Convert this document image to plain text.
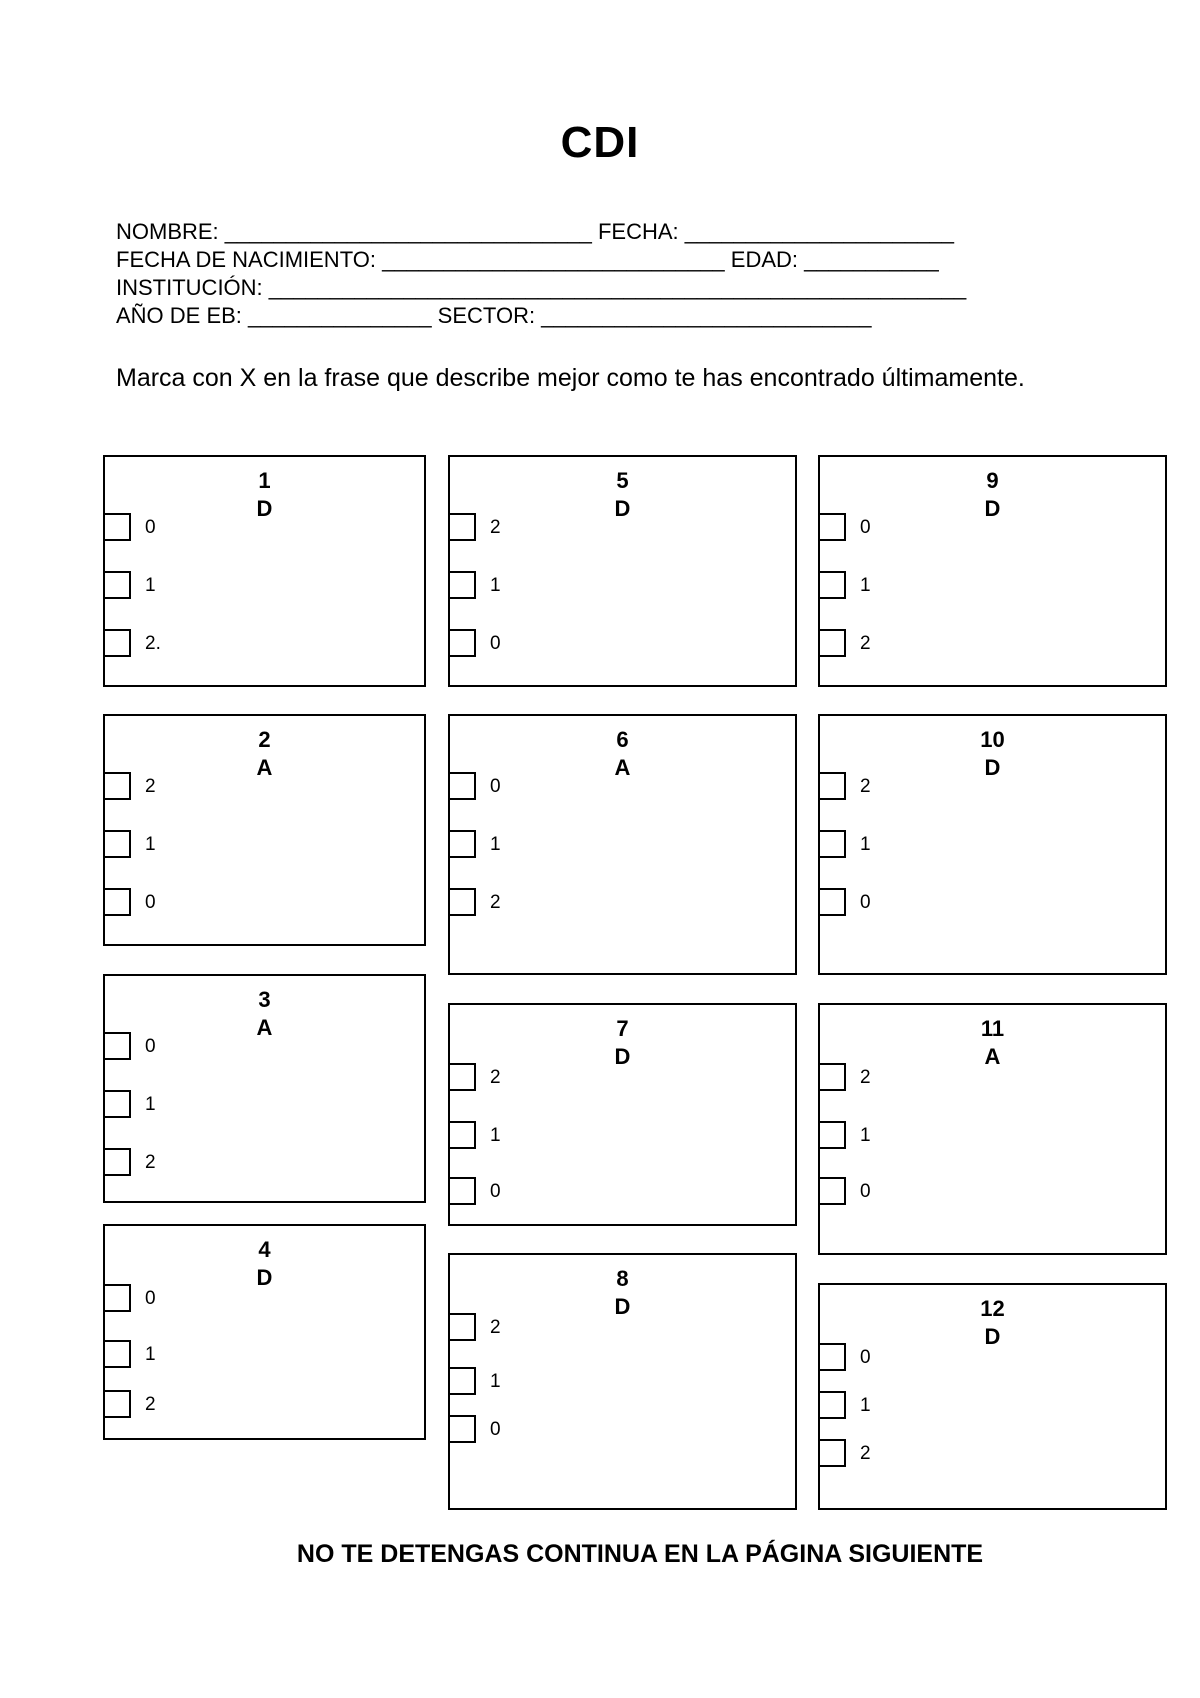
CDI
NOMBRE: ______________________________ FECHA: ______________________
FECHA DE NACIMIENTO: ____________________________ EDAD: ___________
INSTITUCIÓN: _________________________________________________________
AÑO DE EB: _______________ SECTOR: ___________________________
Marca con X en la frase que describe mejor como te has encontrado últimamente.
1
D
0
1
2.
2
A
2
1
0
3
A
0
1
2
4
D
0
1
2
5
D
2
1
0
6
A
0
1
2
7
D
2
1
0
8
D
2
1
0
9
D
0
1
2
10
D
2
1
0
11
A
2
1
0
12
D
0
1
2
NO TE DETENGAS CONTINUA EN LA PÁGINA SIGUIENTE
